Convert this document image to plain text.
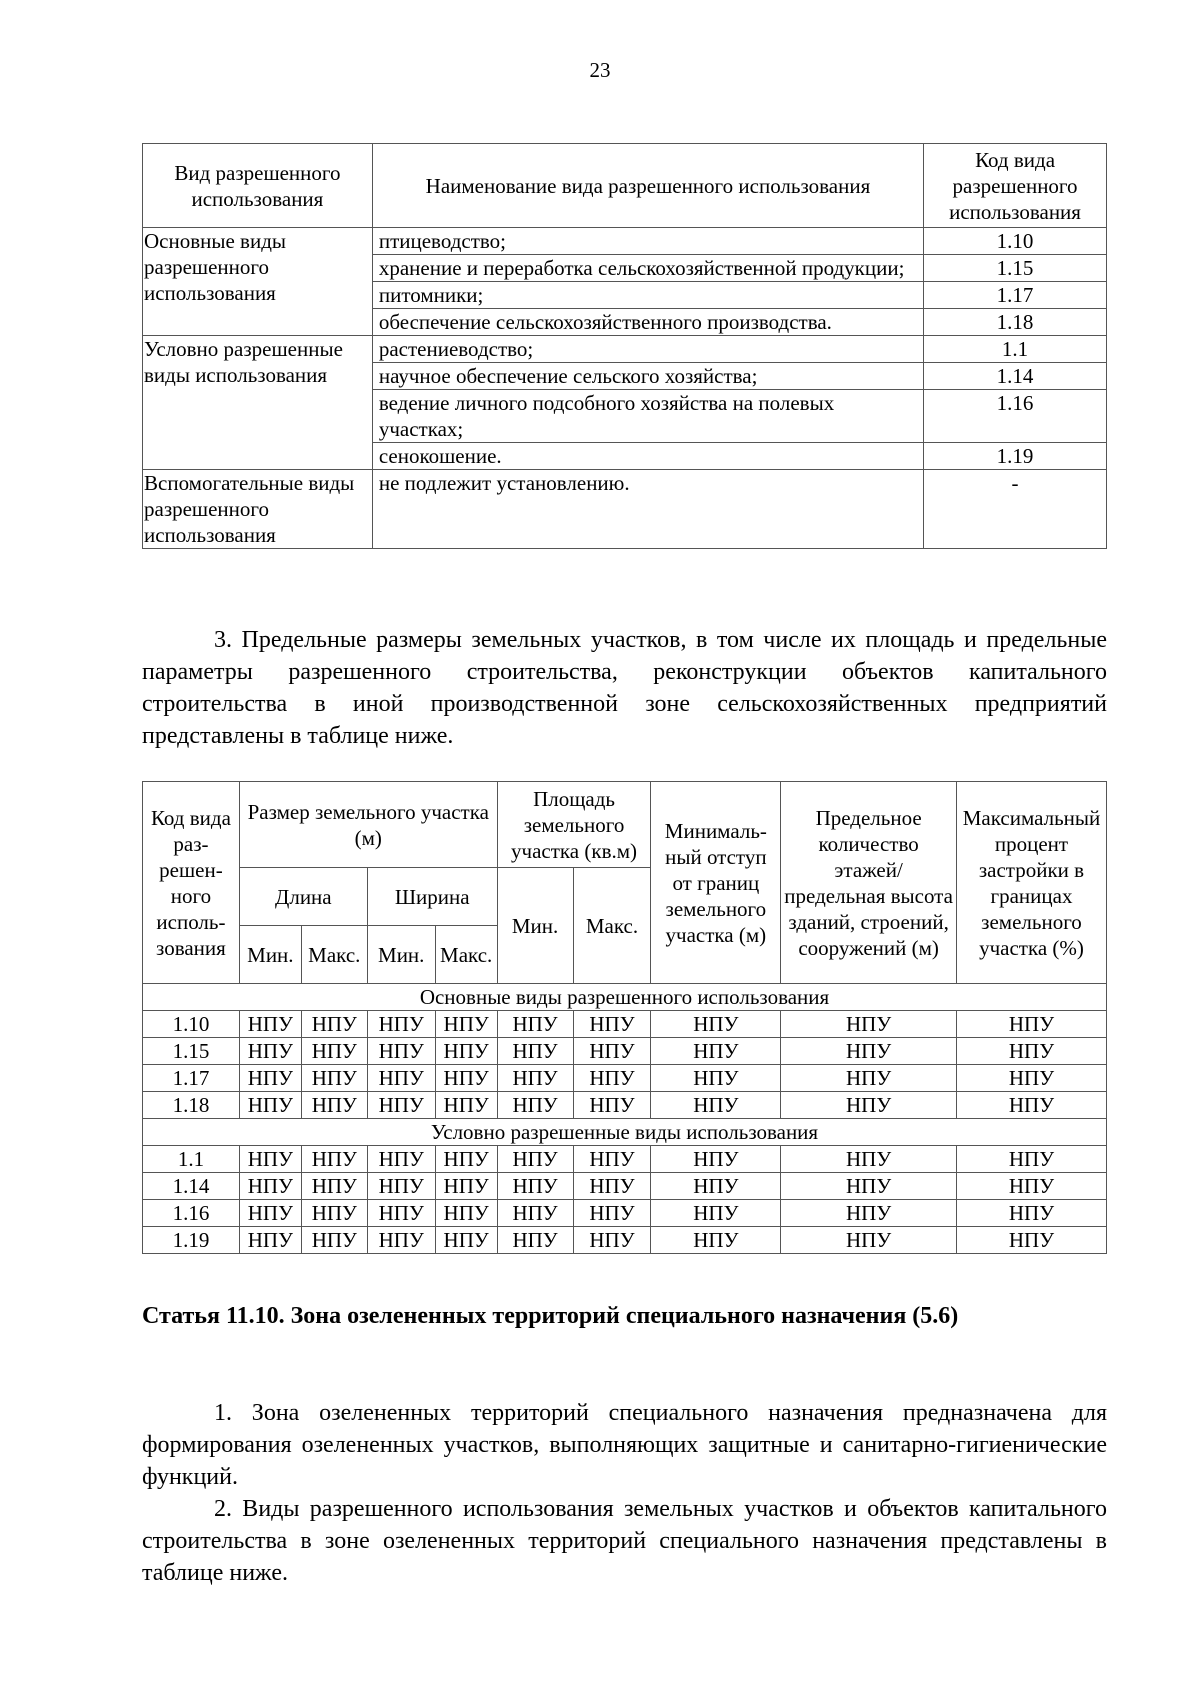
23
Вид разрешенного использования	Наименование вида разрешенного использования	Код вида разрешенного использования
Основные виды разрешенного использования	птицеводство;	1.10
	хранение и переработка сельскохозяйственной продукции;	1.15
	питомники;	1.17
	обеспечение сельскохозяйственного производства.	1.18
Условно разрешенные виды использования	растениеводство;	1.1
	научное обеспечение сельского хозяйства;	1.14
	ведение личного подсобного хозяйства на полевых участках;	1.16
	сенокошение.	1.19
Вспомогательные виды разрешенного использования	не подлежит установлению.	-

3. Предельные размеры земельных участков, в том числе их площадь и предельные параметры разрешенного строительства, реконструкции объектов капитального строительства в иной производственной зоне сельскохозяйственных предприятий представлены в таблице ниже.

Код вида раз-решен-ного исполь-зования	Размер земельного участка (м)				Площадь земельного участка (кв.м)		Минималь-ный отступ от границ земельного участка (м)	Предельное количество этажей/ предельная высота зданий, строений, сооружений (м)	Максимальный процент застройки в границах земельного участка (%)
	Длина		Ширина		Мин.	Макс.			
	Мин.	Макс.	Мин.	Макс.					
Основные виды разрешенного использования									
1.10	НПУ	НПУ	НПУ	НПУ	НПУ	НПУ	НПУ	НПУ	НПУ
1.15	НПУ	НПУ	НПУ	НПУ	НПУ	НПУ	НПУ	НПУ	НПУ
1.17	НПУ	НПУ	НПУ	НПУ	НПУ	НПУ	НПУ	НПУ	НПУ
1.18	НПУ	НПУ	НПУ	НПУ	НПУ	НПУ	НПУ	НПУ	НПУ
Условно разрешенные виды использования									
1.1	НПУ	НПУ	НПУ	НПУ	НПУ	НПУ	НПУ	НПУ	НПУ
1.14	НПУ	НПУ	НПУ	НПУ	НПУ	НПУ	НПУ	НПУ	НПУ
1.16	НПУ	НПУ	НПУ	НПУ	НПУ	НПУ	НПУ	НПУ	НПУ
1.19	НПУ	НПУ	НПУ	НПУ	НПУ	НПУ	НПУ	НПУ	НПУ

Статья 11.10. Зона озелененных территорий специального назначения (5.6)

1. Зона озелененных территорий специального назначения предназначена для формирования озелененных участков, выполняющих защитные и санитарно-гигиенические функций.

2. Виды разрешенного использования земельных участков и объектов капитального строительства в зоне озелененных территорий специального назначения представлены в таблице ниже.
